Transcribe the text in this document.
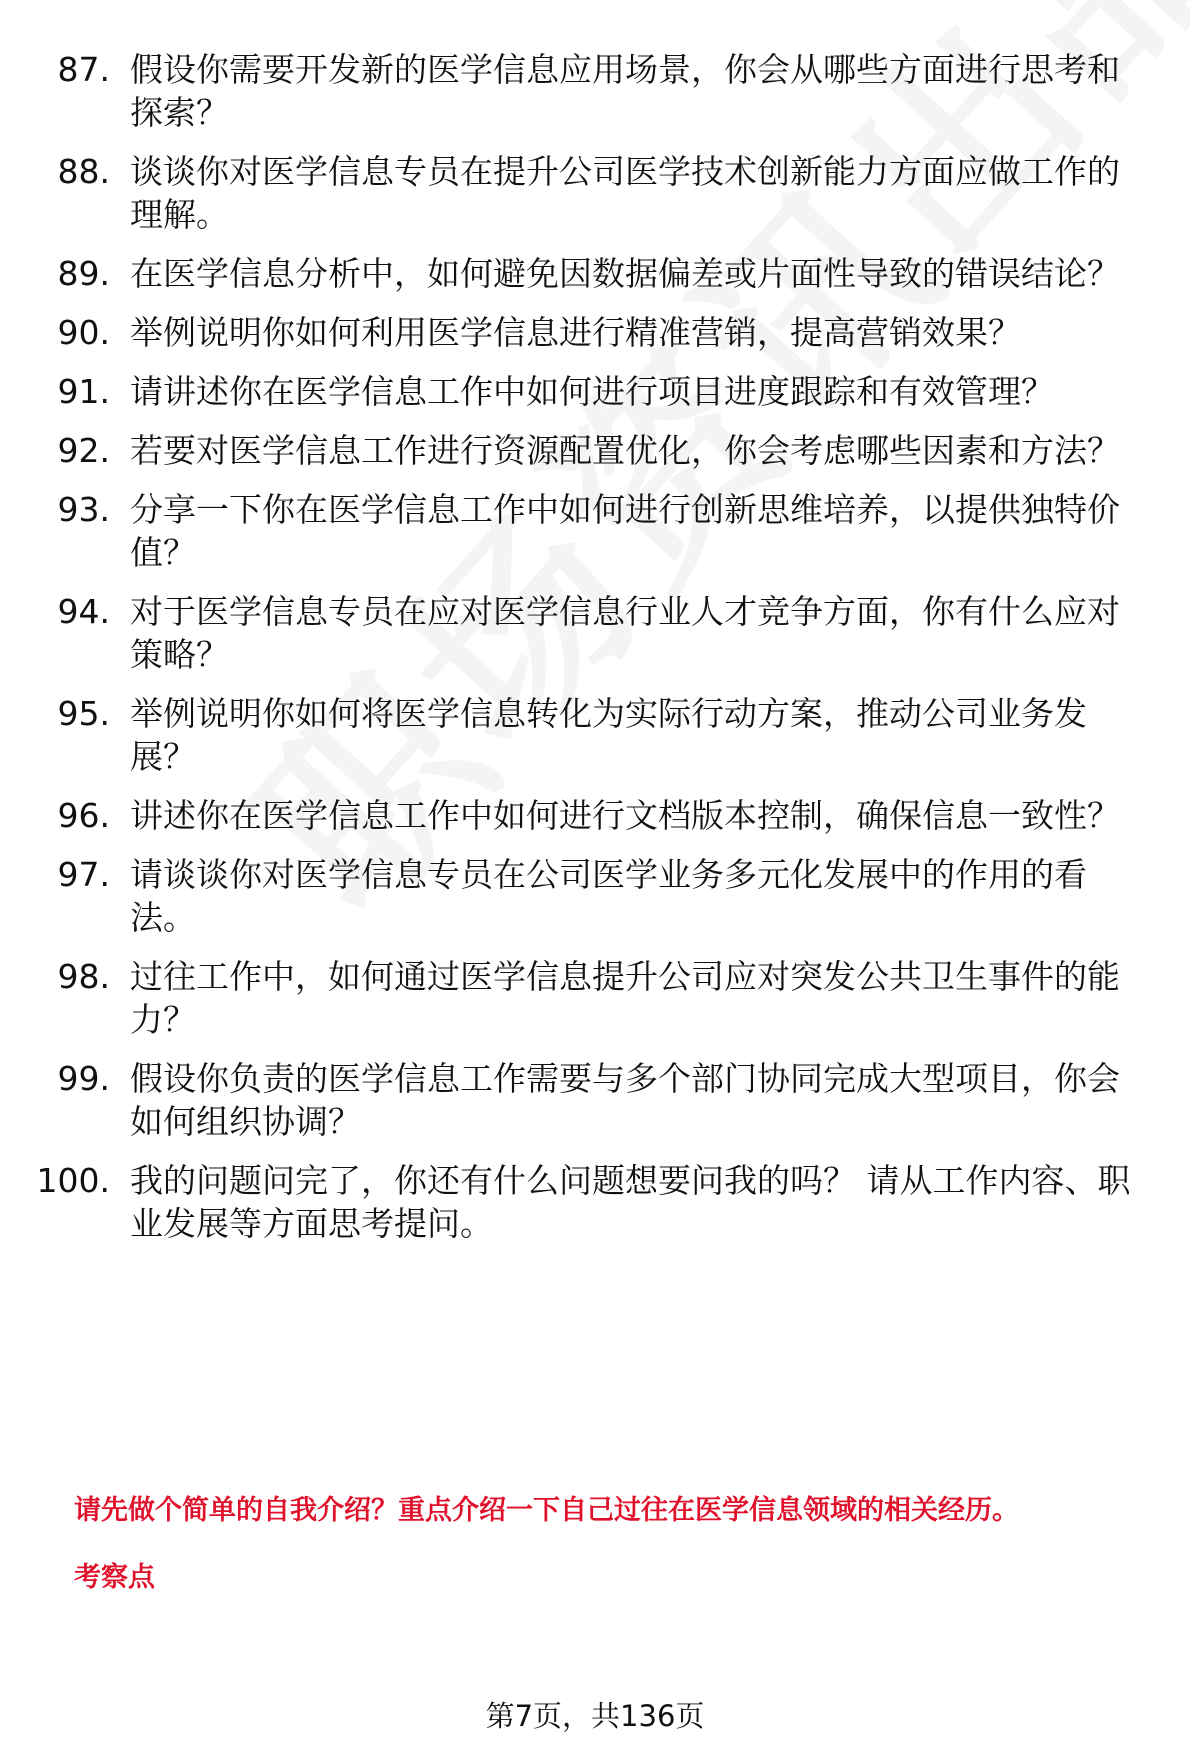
87. 假设你需要开发新的医学信息应用场景，你会从哪些方面进行思考和探索？
88. 谈谈你对医学信息专员在提升公司医学技术创新能力方面应做工作的理解。
89. 在医学信息分析中，如何避免因数据偏差或片面性导致的错误结论？
90. 举例说明你如何利用医学信息进行精准营销，提高营销效果？
91. 请讲述你在医学信息工作中如何进行项目进度跟踪和有效管理？
92. 若要对医学信息工作进行资源配置优化，你会考虑哪些因素和方法？
93. 分享一下你在医学信息工作中如何进行创新思维培养，以提供独特价值？
94. 对于医学信息专员在应对医学信息行业人才竞争方面，你有什么应对策略？
95. 举例说明你如何将医学信息转化为实际行动方案，推动公司业务发展？
96. 讲述你在医学信息工作中如何进行文档版本控制，确保信息一致性？
97. 请谈谈你对医学信息专员在公司医学业务多元化发展中的作用的看法。
98. 过往工作中，如何通过医学信息提升公司应对突发公共卫生事件的能力？
99. 假设你负责的医学信息工作需要与多个部门协同完成大型项目，你会如何组织协调？
100. 我的问题问完了，你还有什么问题想要问我的吗？ 请从工作内容、职业发展等方面思考提问。
请先做个简单的自我介绍？重点介绍一下自己过往在医学信息领域的相关经历。
考察点
第7页，共136页
